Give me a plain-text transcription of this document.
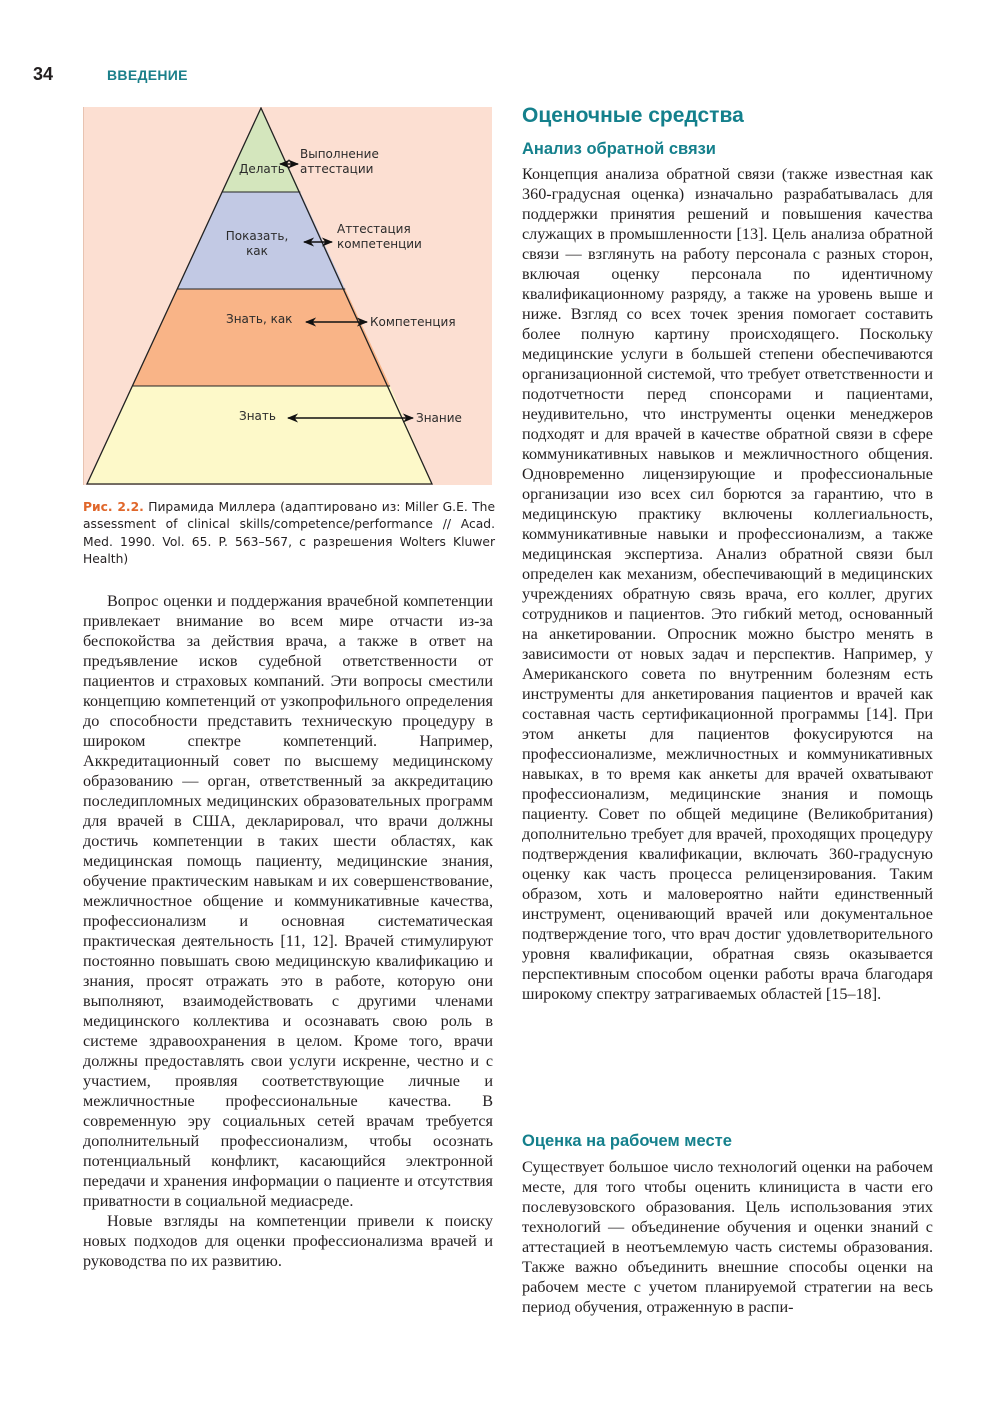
34	ВВЕДЕНИЕ
Делать
Выполнение
аттестации
Показать,
как
Аттестация
компетенции
Знать, как	Компетенция
Знать	Знание
Рис. 2.2. Пирамида Миллера (адаптировано из: Miller G.E. The assessment of clinical skills/competence/performance // Acad. Med. 1990. Vol. 65. P. 563–567, с разрешения Wolters Kluwer Health)

Вопрос оценки и поддержания врачебной компетенции привлекает внимание во всем мире отчасти из-за беспокойства за действия врача, а также в ответ на предъявление исков судебной ответственности от пациентов и страховых компаний. Эти вопросы сместили концепцию компетенций от узкопрофильного определения до способности представить техническую процедуру в широком спектре компетенций. Например, Аккредитационный совет по высшему медицинскому образованию — орган, ответственный за аккредитацию последипломных медицинских образовательных программ для врачей в США, декларировал, что врачи должны достичь компетенции в таких шести областях, как медицинская помощь пациенту, медицинские знания, обучение практическим навыкам и их совершенствование, межличностное общение и коммуникативные качества, профессионализм и основная систематическая практическая деятельность [11, 12]. Врачей стимулируют постоянно повышать свою медицинскую квалификацию и знания, просят отражать это в работе, которую они выполняют, взаимодействовать с другими членами медицинского коллектива и осознавать свою роль в системе здравоохранения в целом. Кроме того, врачи должны предоставлять свои услуги искренне, честно и с участием, проявляя соответствующие личные и межличностные профессиональные качества. В современную эру социальных сетей врачам требуется дополнительный профессионализм, чтобы осознать потенциальный конфликт, касающийся электронной передачи и хранения информации о пациенте и отсутствия приватности в социальной медиасреде.

Новые взгляды на компетенции привели к поиску новых подходов для оценки профессионализма врачей и руководства по их развитию.

Оценочные средства
Анализ обратной связи

Концепция анализа обратной связи (также известная как 360-градусная оценка) изначально разрабатывалась для поддержки принятия решений и повышения качества служащих в промышленности [13]. Цель анализа обратной связи — взглянуть на работу персонала с разных сторон, включая оценку персонала по идентичному квалификационному разряду, а также на уровень выше и ниже. Взгляд со всех точек зрения помогает составить более полную картину происходящего. Поскольку медицинские услуги в большей степени обеспечиваются организационной системой, что требует ответственности и подотчетности перед спонсорами и пациентами, неудивительно, что инструменты оценки менеджеров подходят и для врачей в качестве обратной связи в сфере коммуникативных навыков и межличностного общения. Одновременно лицензирующие и профессиональные организации изо всех сил борются за гарантию, что в медицинскую практику включены коллегиальность, коммуникативные навыки и профессионализм, а также медицинская экспертиза. Анализ обратной связи был определен как механизм, обеспечивающий в медицинских учреждениях обратную связь врача, его коллег, других сотрудников и пациентов. Это гибкий метод, основанный на анкетировании. Опросник можно быстро менять в зависимости от новых задач и перспектив. Например, у Американского совета по внутренним болезням есть инструменты для анкетирования пациентов и врачей как составная часть сертификационной программы [14]. При этом анкеты для пациентов фокусируются на профессионализме, межличностных и коммуникативных навыках, в то время как анкеты для врачей охватывают профессионализм, медицинские знания и помощь пациенту. Совет по общей медицине (Великобритания) дополнительно требует для врачей, проходящих процедуру подтверждения квалификации, включать 360-градусную оценку как часть процесса релицензирования. Таким образом, хоть и маловероятно найти единственный инструмент, оценивающий врачей или документальное подтверждение того, что врач достиг удовлетворительного уровня квалификации, обратная связь оказывается перспективным способом оценки работы врача благодаря широкому спектру затрагиваемых областей [15–18].

Оценка на рабочем месте

Существует большое число технологий оценки на рабочем месте, для того чтобы оценить клинициста в части его послевузовского образования. Цель использования этих технологий — объединение обучения и оценки знаний с аттестацией в неотъемлемую часть системы образования. Также важно объединить внешние способы оценки на рабочем месте с учетом планируемой стратегии на весь период обучения, отраженную в распи-
